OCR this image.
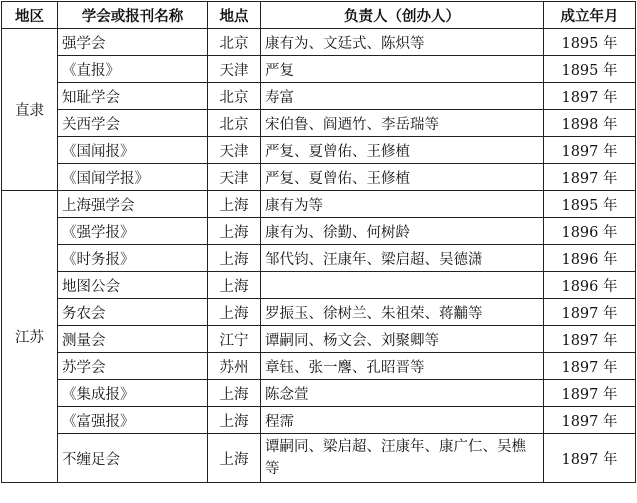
地区	学会或报刊名称	地点	负责人（创办人）	成立年月
直隶	强学会	北京	康有为、文廷式、陈炽等	1895 年
	《直报》	天津	严复	1895 年
	知耻学会	北京	寿富	1897 年
	关西学会	北京	宋伯鲁、阎迺竹、李岳瑞等	1898 年
	《国闻报》	天津	严复、夏曾佑、王修植	1897 年
	《国闻学报》	天津	严复、夏曾佑、王修植	1897 年
江苏	上海强学会	上海	康有为等	1895 年
	《强学报》	上海	康有为、徐勤、何树龄	1896 年
	《时务报》	上海	邹代钧、汪康年、梁启超、吴德潇	1896 年
	地图公会	上海		1896 年
	务农会	上海	罗振玉、徐树兰、朱祖荣、蒋黼等	1897 年
	测量会	江宁	谭嗣同、杨文会、刘聚卿等	1897 年
	苏学会	苏州	章钰、张一麐、孔昭晋等	1897 年
	《集成报》	上海	陈念萱	1897 年
	《富强报》	上海	程霈	1897 年
	不缠足会	上海	谭嗣同、梁启超、汪康年、康广仁、吴樵等	1897 年
